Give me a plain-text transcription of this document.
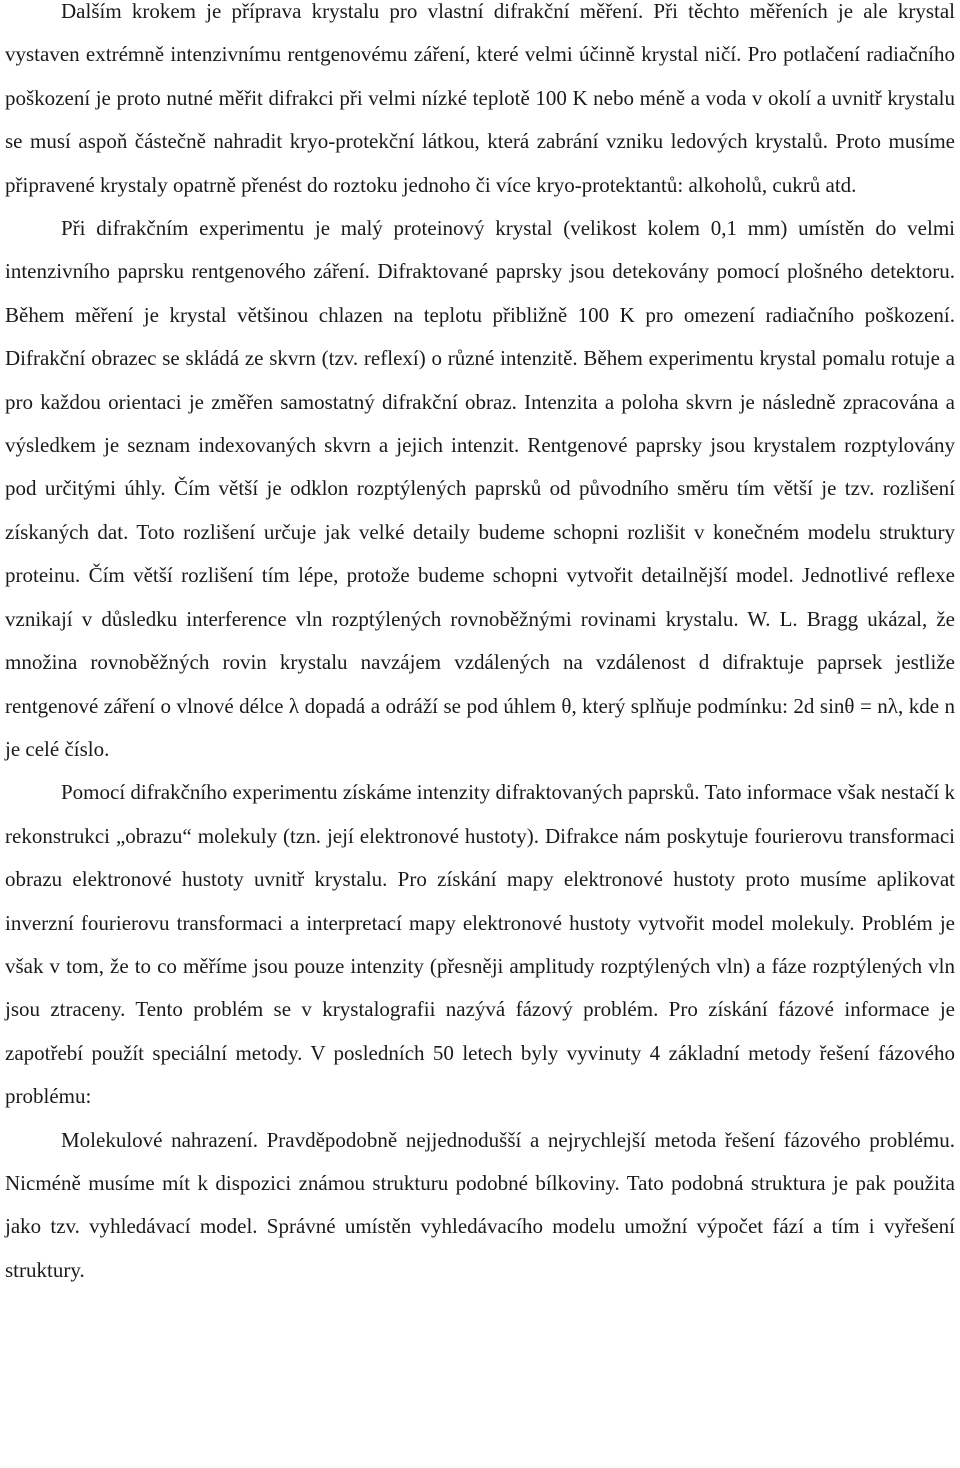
Dalším krokem je příprava krystalu pro vlastní difrakční měření. Při těchto měřeních je ale krystal vystaven extrémně intenzivnímu rentgenovému záření, které velmi účinně krystal ničí. Pro potlačení radiačního poškození je proto nutné měřit difrakci při velmi nízké teplotě 100 K nebo méně a voda v okolí a uvnitř krystalu se musí aspoň částečně nahradit kryo-protekční látkou, která zabrání vzniku ledových krystalů. Proto musíme připravené krystaly opatrně přenést do roztoku jednoho či více kryo-protektantů: alkoholů, cukrů atd.

Při difrakčním experimentu je malý proteinový krystal (velikost kolem 0,1 mm) umístěn do velmi intenzivního paprsku rentgenového záření. Difraktované paprsky jsou detekovány pomocí plošného detektoru. Během měření je krystal většinou chlazen na teplotu přibližně 100 K pro omezení radiačního poškození. Difrakční obrazec se skládá ze skvrn (tzv. reflexí) o různé intenzitě. Během experimentu krystal pomalu rotuje a pro každou orientaci je změřen samostatný difrakční obraz. Intenzita a poloha skvrn je následně zpracována a výsledkem je seznam indexovaných skvrn a jejich intenzit. Rentgenové paprsky jsou krystalem rozptylovány pod určitými úhly. Čím větší je odklon rozptýlených paprsků od původního směru tím větší je tzv. rozlišení získaných dat. Toto rozlišení určuje jak velké detaily budeme schopni rozlišit v konečném modelu struktury proteinu. Čím větší rozlišení tím lépe, protože budeme schopni vytvořit detailnější model. Jednotlivé reflexe vznikají v důsledku interference vln rozptýlených rovnoběžnými rovinami krystalu. W. L. Bragg ukázal, že množina rovnoběžných rovin krystalu navzájem vzdálených na vzdálenost d difraktuje paprsek jestliže rentgenové záření o vlnové délce λ dopadá a odráží se pod úhlem θ, který splňuje podmínku: 2d sinθ = nλ, kde n je celé číslo.

Pomocí difrakčního experimentu získáme intenzity difraktovaných paprsků. Tato informace však nestačí k rekonstrukci „obrazu“ molekuly (tzn. její elektronové hustoty). Difrakce nám poskytuje fourierovu transformaci obrazu elektronové hustoty uvnitř krystalu. Pro získání mapy elektronové hustoty proto musíme aplikovat inverzní fourierovu transformaci a interpretací mapy elektronové hustoty vytvořit model molekuly. Problém je však v tom, že to co měříme jsou pouze intenzity (přesněji amplitudy rozptýlených vln) a fáze rozptýlených vln jsou ztraceny. Tento problém se v krystalografii nazývá fázový problém. Pro získání fázové informace je zapotřebí použít speciální metody. V posledních 50 letech byly vyvinuty 4 základní metody řešení fázového problému:

Molekulové nahrazení. Pravděpodobně nejjednodušší a nejrychlejší metoda řešení fázového problému. Nicméně musíme mít k dispozici známou strukturu podobné bílkoviny. Tato podobná struktura je pak použita jako tzv. vyhledávací model. Správné umístěn vyhledávacího modelu umožní výpočet fází a tím i vyřešení struktury.
